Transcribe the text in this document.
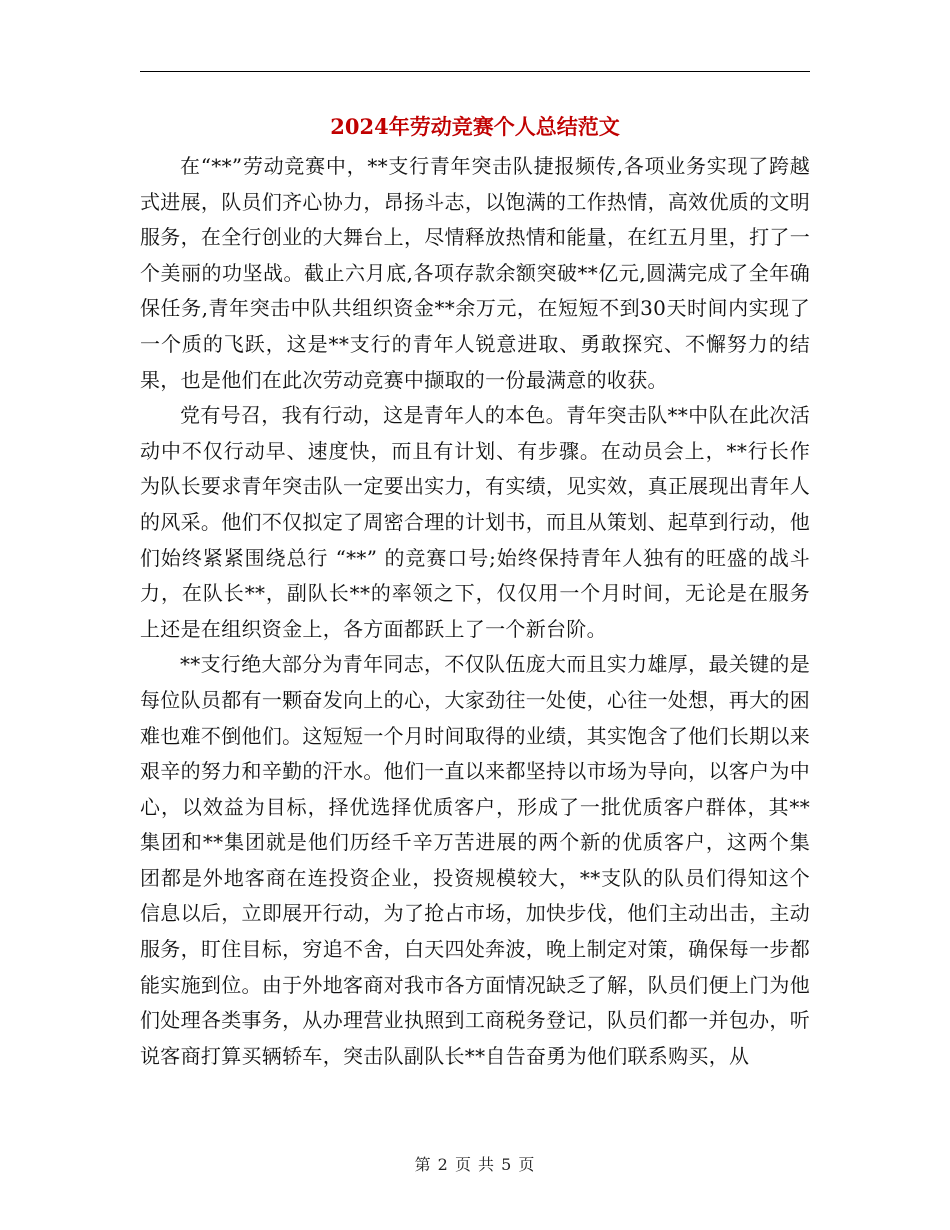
2024年劳动竞赛个人总结范文

在“**”劳动竞赛中，**支行青年突击队捷报频传,各项业务实现了跨越式进展，队员们齐心协力，昂扬斗志，以饱满的工作热情，高效优质的文明服务，在全行创业的大舞台上，尽情释放热情和能量，在红五月里，打了一个美丽的功坚战。截止六月底,各项存款余额突破**亿元,圆满完成了全年确保任务,青年突击中队共组织资金**余万元，在短短不到30天时间内实现了一个质的飞跃，这是**支行的青年人锐意进取、勇敢探究、不懈努力的结果，也是他们在此次劳动竞赛中撷取的一份最满意的收获。

党有号召，我有行动，这是青年人的本色。青年突击队**中队在此次活动中不仅行动早、速度快，而且有计划、有步骤。在动员会上，**行长作为队长要求青年突击队一定要出实力，有实绩，见实效，真正展现出青年人的风采。他们不仅拟定了周密合理的计划书，而且从策划、起草到行动，他们始终紧紧围绕总行 “**” 的竞赛口号;始终保持青年人独有的旺盛的战斗力，在队长**，副队长**的率领之下，仅仅用一个月时间，无论是在服务上还是在组织资金上，各方面都跃上了一个新台阶。

**支行绝大部分为青年同志，不仅队伍庞大而且实力雄厚，最关键的是每位队员都有一颗奋发向上的心，大家劲往一处使，心往一处想，再大的困难也难不倒他们。这短短一个月时间取得的业绩，其实饱含了他们长期以来艰辛的努力和辛勤的汗水。他们一直以来都坚持以市场为导向，以客户为中心，以效益为目标，择优选择优质客户，形成了一批优质客户群体，其**集团和**集团就是他们历经千辛万苦进展的两个新的优质客户，这两个集团都是外地客商在连投资企业，投资规模较大，**支队的队员们得知这个信息以后，立即展开行动，为了抢占市场，加快步伐，他们主动出击，主动服务，盯住目标，穷追不舍，白天四处奔波，晚上制定对策，确保每一步都能实施到位。由于外地客商对我市各方面情况缺乏了解，队员们便上门为他们处理各类事务，从办理营业执照到工商税务登记，队员们都一并包办，听说客商打算买辆轿车，突击队副队长**自告奋勇为他们联系购买，从

第 2 页 共 5 页
